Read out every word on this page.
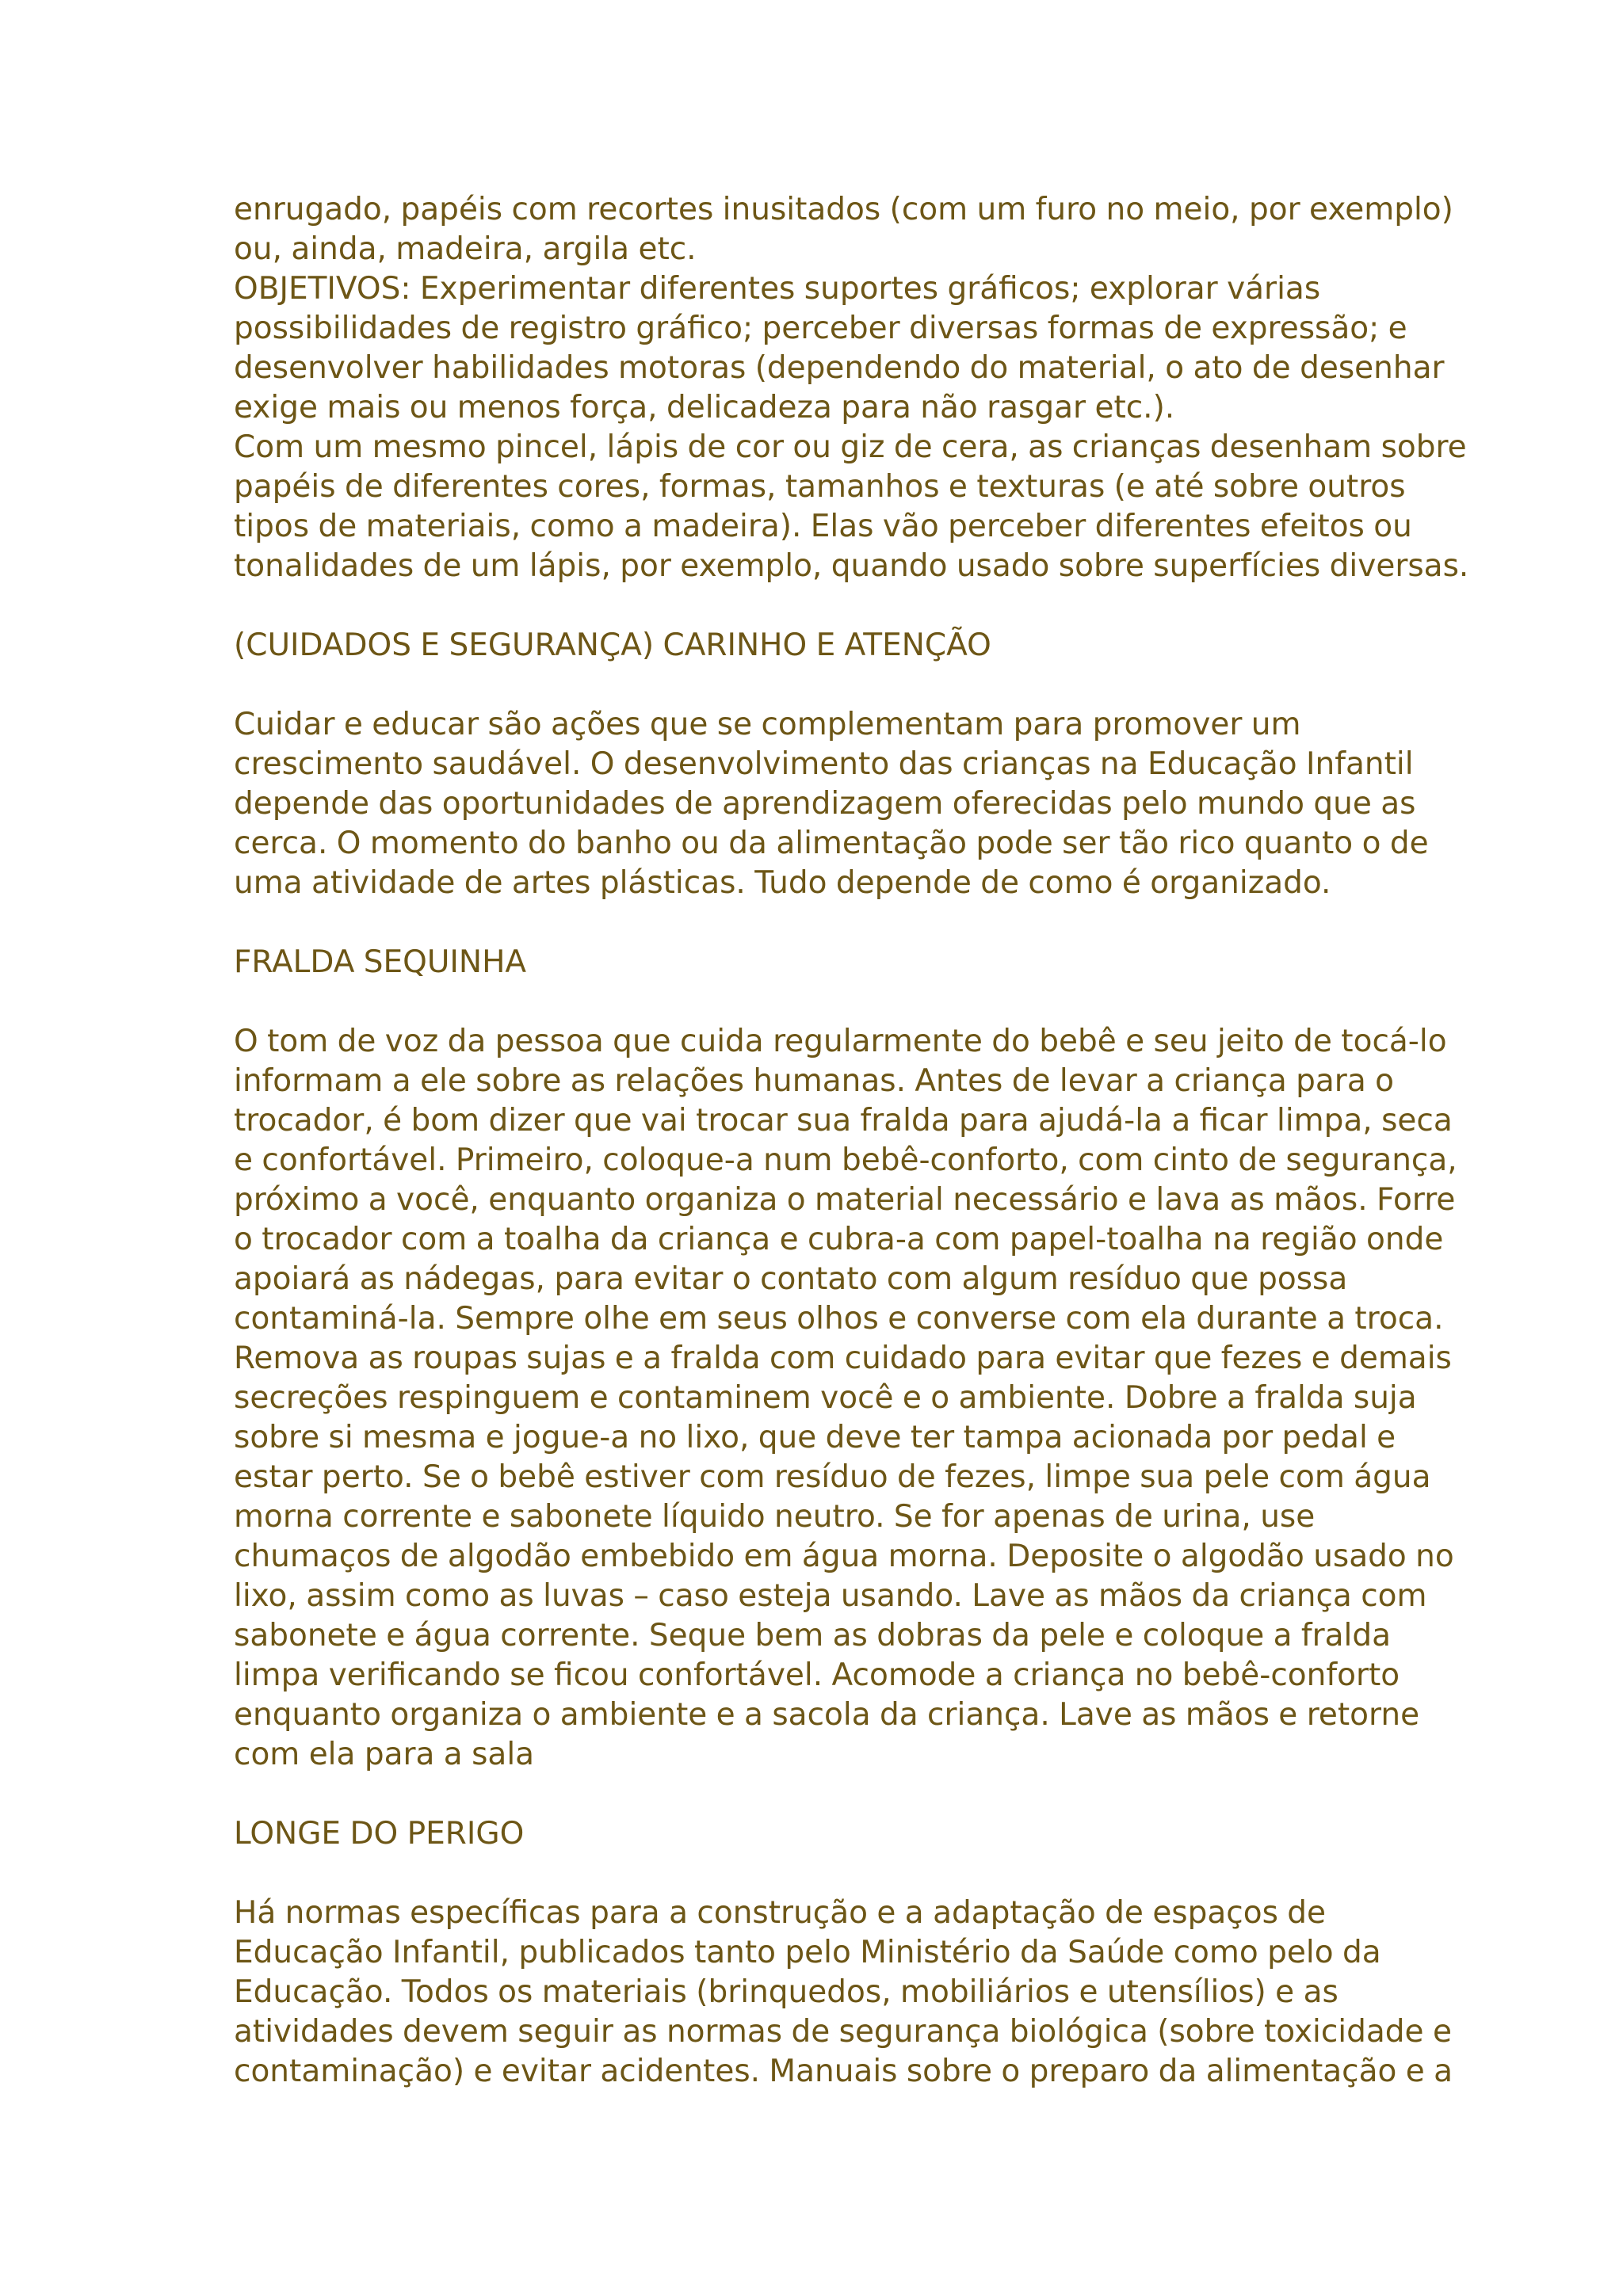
enrugado, papéis com recortes inusitados (com um furo no meio, por exemplo)
ou, ainda, madeira, argila etc.
OBJETIVOS: Experimentar diferentes suportes gráficos; explorar várias
possibilidades de registro gráfico; perceber diversas formas de expressão; e
desenvolver habilidades motoras (dependendo do material, o ato de desenhar
exige mais ou menos força, delicadeza para não rasgar etc.).
Com um mesmo pincel, lápis de cor ou giz de cera, as crianças desenham sobre
papéis de diferentes cores, formas, tamanhos e texturas (e até sobre outros
tipos de materiais, como a madeira). Elas vão perceber diferentes efeitos ou
tonalidades de um lápis, por exemplo, quando usado sobre superfícies diversas.
(CUIDADOS E SEGURANÇA) CARINHO E ATENÇÃO
Cuidar e educar são ações que se complementam para promover um
crescimento saudável. O desenvolvimento das crianças na Educação Infantil
depende das oportunidades de aprendizagem oferecidas pelo mundo que as
cerca. O momento do banho ou da alimentação pode ser tão rico quanto o de
uma atividade de artes plásticas. Tudo depende de como é organizado.
FRALDA SEQUINHA
O tom de voz da pessoa que cuida regularmente do bebê e seu jeito de tocá-lo
informam a ele sobre as relações humanas. Antes de levar a criança para o
trocador, é bom dizer que vai trocar sua fralda para ajudá-la a ficar limpa, seca
e confortável. Primeiro, coloque-a num bebê-conforto, com cinto de segurança,
próximo a você, enquanto organiza o material necessário e lava as mãos. Forre
o trocador com a toalha da criança e cubra-a com papel-toalha na região onde
apoiará as nádegas, para evitar o contato com algum resíduo que possa
contaminá-la. Sempre olhe em seus olhos e converse com ela durante a troca.
Remova as roupas sujas e a fralda com cuidado para evitar que fezes e demais
secreções respinguem e contaminem você e o ambiente. Dobre a fralda suja
sobre si mesma e jogue-a no lixo, que deve ter tampa acionada por pedal e
estar perto. Se o bebê estiver com resíduo de fezes, limpe sua pele com água
morna corrente e sabonete líquido neutro. Se for apenas de urina, use
chumaços de algodão embebido em água morna. Deposite o algodão usado no
lixo, assim como as luvas – caso esteja usando. Lave as mãos da criança com
sabonete e água corrente. Seque bem as dobras da pele e coloque a fralda
limpa verificando se ficou confortável. Acomode a criança no bebê-conforto
enquanto organiza o ambiente e a sacola da criança. Lave as mãos e retorne
com ela para a sala
LONGE DO PERIGO
Há normas específicas para a construção e a adaptação de espaços de
Educação Infantil, publicados tanto pelo Ministério da Saúde como pelo da
Educação. Todos os materiais (brinquedos, mobiliários e utensílios) e as
atividades devem seguir as normas de segurança biológica (sobre toxicidade e
contaminação) e evitar acidentes. Manuais sobre o preparo da alimentação e a
